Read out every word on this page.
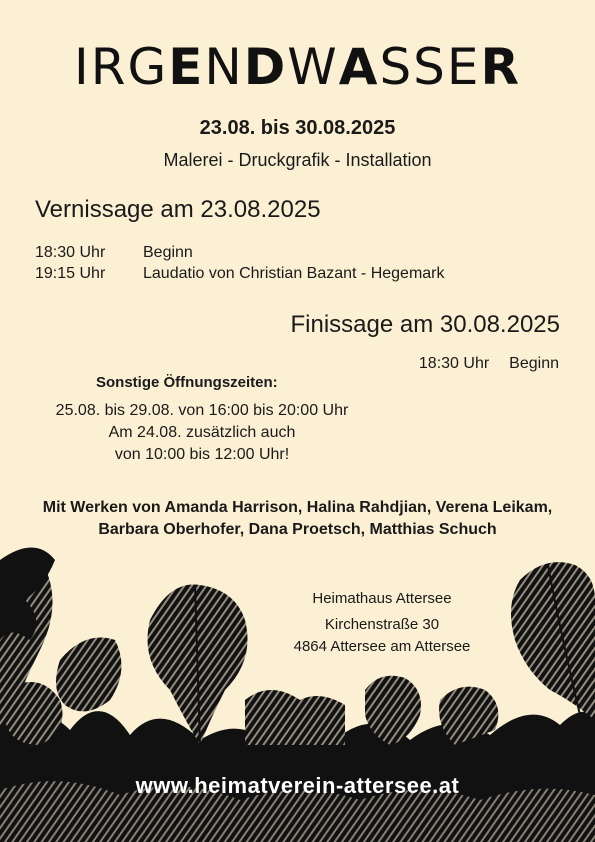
IRGENDWASSER
23.08. bis 30.08.2025
Malerei - Druckgrafik - Installation
Vernissage am 23.08.2025
18:30 Uhr Beginn
19:15 Uhr Laudatio von Christian Bazant - Hegemark
Finissage am 30.08.2025
18:30 Uhr Beginn
Sonstige Öffnungszeiten:
25.08. bis 29.08. von 16:00 bis 20:00 Uhr
Am 24.08. zusätzlich auch
von 10:00 bis 12:00 Uhr!
Mit Werken von Amanda Harrison, Halina Rahdjian, Verena Leikam,
Barbara Oberhofer, Dana Proetsch, Matthias Schuch
Heimathaus Attersee
Kirchenstraße 30
4864 Attersee am Attersee
www.heimatverein-attersee.at
